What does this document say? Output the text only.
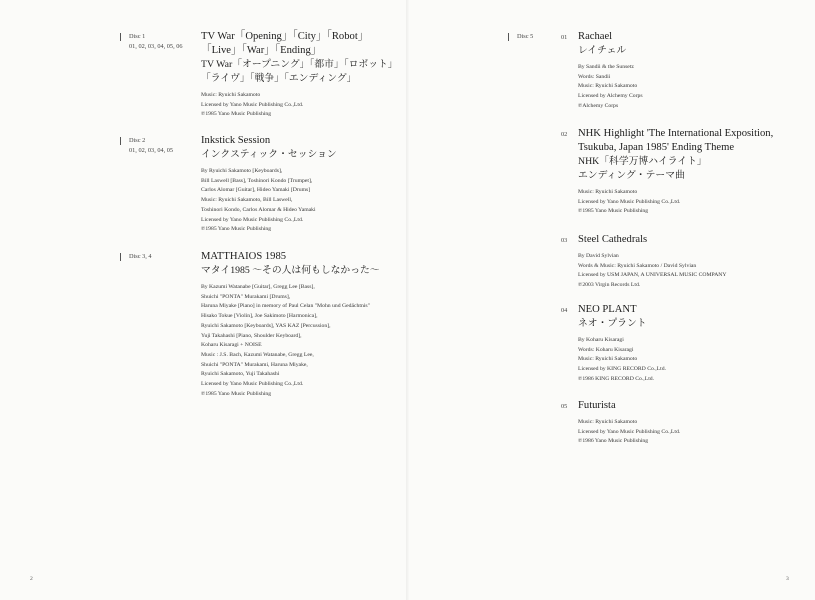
Disc 1
01, 02, 03, 04, 05, 06
TV War「Opening」「City」「Robot」
「Live」「War」「Ending」
TV War「オープニング」「都市」「ロボット」
「ライヴ」「戦争」「エンディング」
Music: Ryuichi Sakamoto
Licensed by Yano Music Publishing Co.,Ltd.
℗1985 Yano Music Publishing
Disc 2
01, 02, 03, 04, 05
Inkstick Session
インクスティック・セッション
By Ryuichi Sakamoto [Keyboards],
Bill Laswell [Bass], Toshinori Kondo [Trumpet],
Carlos Alomar [Guitar], Hideo Yamaki [Drums]
Music: Ryuichi Sakamoto, Bill Laswell,
Toshinori Kondo, Carlos Alomar & Hideo Yamaki
Licensed by Yano Music Publishing Co.,Ltd.
℗1985 Yano Music Publishing
Disc 3, 4	MATTHAIOS 1985
マタイ1985 〜その人は何もしなかった〜
By Kazumi Watanabe [Guitar], Gregg Lee [Bass],
Shuichi "PONTA" Murakami [Drums],
Haruna Miyake [Piano] in memory of Paul Celan "Mohn und Gedächtnis"
Hisako Tokue [Violin], Joe Sakimoto [Harmonica],
Ryuichi Sakamoto [Keyboards], YAS KAZ [Percussion],
Yuji Takahashi [Piano, Shoulder Keyboard],
Koharu Kisaragi + NOISE
Music : J.S. Bach, Kazumi Watanabe, Gregg Lee,
Shuichi "PONTA" Murakami, Haruna Miyake,
Ryuichi Sakamoto, Yuji Takahashi
Licensed by Yano Music Publishing Co.,Ltd.
℗1985 Yano Music Publishing
2
Disc 5	01 Rachael
レイチェル
By Sandii & the Sunsetz
Words: Sandii
Music: Ryuichi Sakamoto
Licensed by Alchemy Corps
℗Alchemy Corps
02 NHK Highlight 'The International Exposition,
Tsukuba, Japan 1985' Ending Theme
NHK「科学万博ハイライト」
エンディング・テーマ曲
Music: Ryuichi Sakamoto
Licensed by Yano Music Publishing Co.,Ltd.
℗1985 Yano Music Publishing
03 Steel Cathedrals
By David Sylvian
Words & Music: Ryuichi Sakamoto / David Sylvian
Licensed by USM JAPAN, A UNIVERSAL MUSIC COMPANY
℗2003 Virgin Records Ltd.
04 NEO PLANT
ネオ・プラント
By Koharu Kisaragi
Words: Koharu Kisaragi
Music: Ryuichi Sakamoto
Licensed by KING RECORD Co.,Ltd.
℗1986 KING RECORD Co.,Ltd.
05 Futurista
Music: Ryuichi Sakamoto
Licensed by Yano Music Publishing Co.,Ltd.
℗1986 Yano Music Publishing
3
